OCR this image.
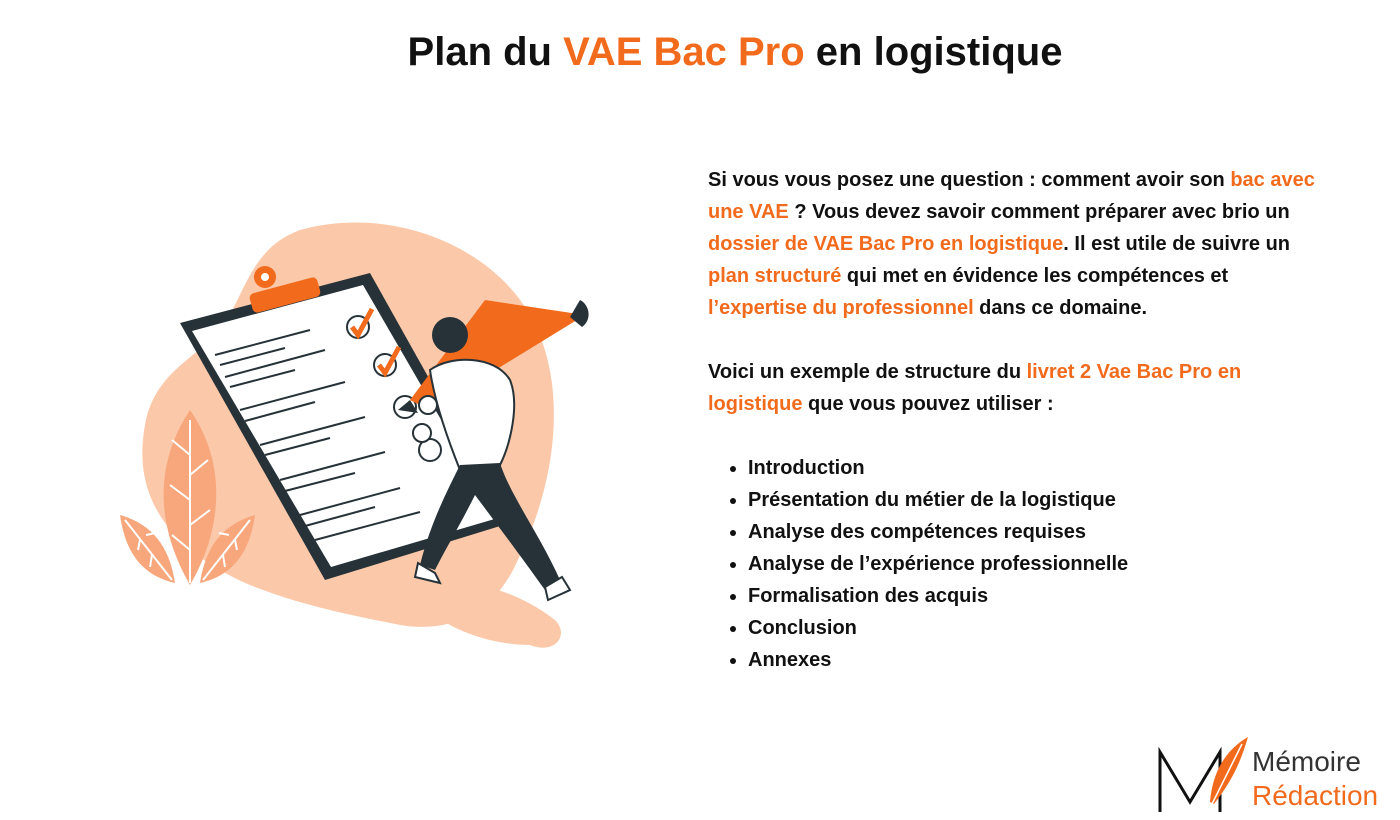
Plan du VAE Bac Pro en logistique

Si vous vous posez une question : comment avoir son bac avec une VAE ? Vous devez savoir comment préparer avec brio un dossier de VAE Bac Pro en logistique. Il est utile de suivre un plan structuré qui met en évidence les compétences et l’expertise du professionnel dans ce domaine.

Voici un exemple de structure du livret 2 Vae Bac Pro en logistique que vous pouvez utiliser :

• Introduction
• Présentation du métier de la logistique
• Analyse des compétences requises
• Analyse de l’expérience professionnelle
• Formalisation des acquis
• Conclusion
• Annexes
Mémoire
Rédaction
